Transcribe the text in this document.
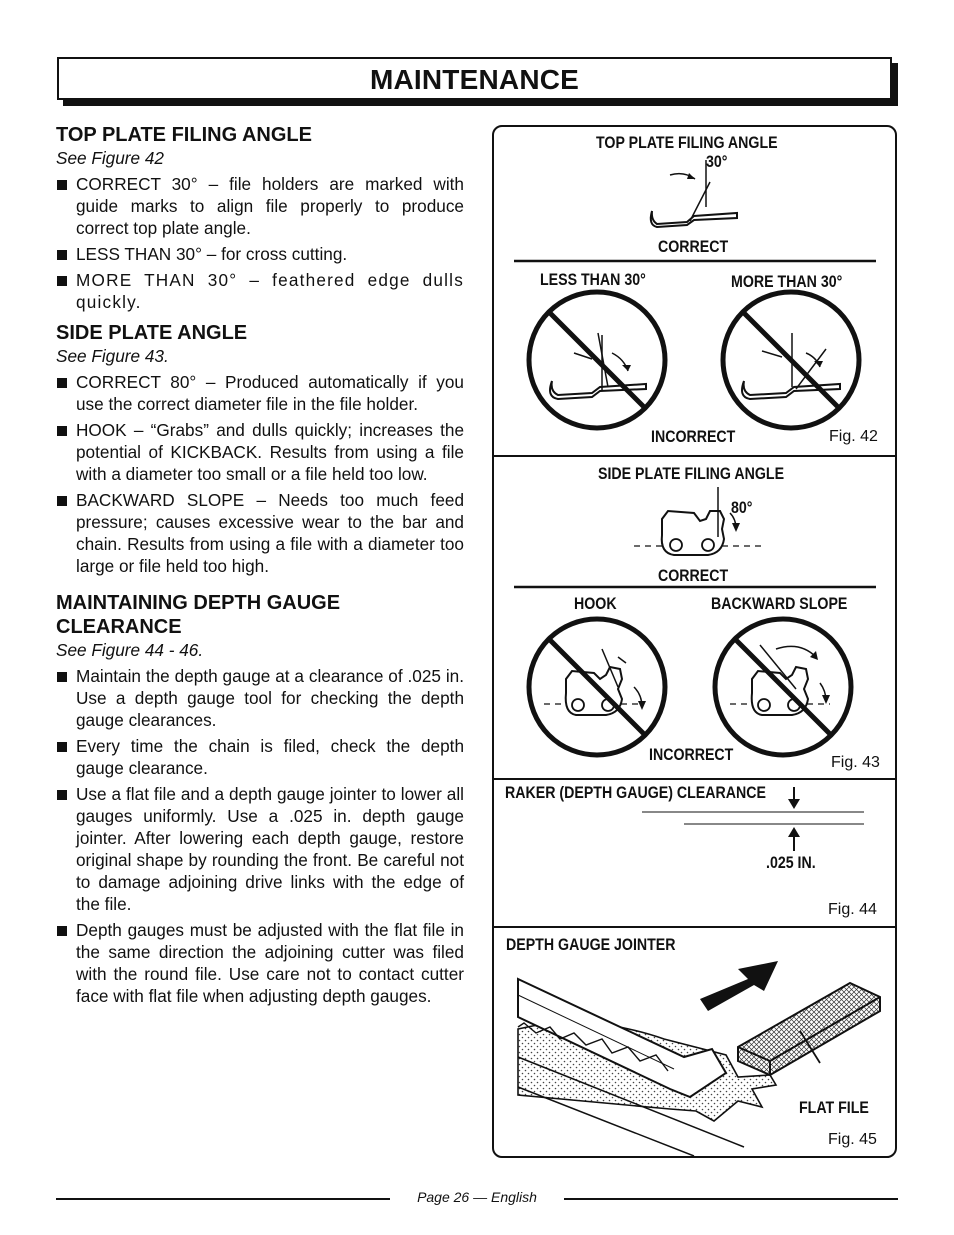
MAINTENANCE
TOP PLATE FILING ANGLE
See Figure 42
CORRECT 30° – file holders are marked with guide marks to align file properly to produce correct top plate angle.
LESS THAN 30° – for cross cutting.
MORE THAN 30° – feathered edge dulls quickly.
SIDE PLATE ANGLE
See Figure 43.
CORRECT 80° – Produced automatically if you use the correct diameter file in the file holder.
HOOK – “Grabs” and dulls quickly; increases the potential of KICKBACK. Results from using a file with a diameter too small or a file held too low.
BACKWARD SLOPE – Needs too much feed pressure; causes excessive wear to the bar and chain. Results from using a file with a diameter too large or file held too high.
MAINTAINING DEPTH GAUGE CLEARANCE
See Figure 44 - 46.
Maintain the depth gauge at a clearance of .025 in. Use a depth gauge tool for checking the depth gauge clearances.
Every time the chain is filed, check the depth gauge clearance.
Use a flat file and a depth gauge jointer to lower all gauges uniformly. Use a .025 in. depth gauge jointer. After lowering each depth gauge, restore original shape by rounding the front. Be careful not to damage adjoining drive links with the edge of the file.
Depth gauges must be adjusted with the flat file in the same direction the adjoining cutter was filed with the round file. Use care not to contact cutter face with flat file when adjusting depth gauges.
TOP PLATE FILING ANGLE
30°
CORRECT
LESS THAN 30°	MORE THAN 30°
INCORRECT	Fig. 42
SIDE PLATE FILING ANGLE
80°
CORRECT
HOOK	BACKWARD SLOPE
INCORRECT	Fig. 43
RAKER (DEPTH GAUGE) CLEARANCE
.025 IN.
Fig. 44
DEPTH GAUGE JOINTER
FLAT FILE
Fig. 45
Page 26 — English
